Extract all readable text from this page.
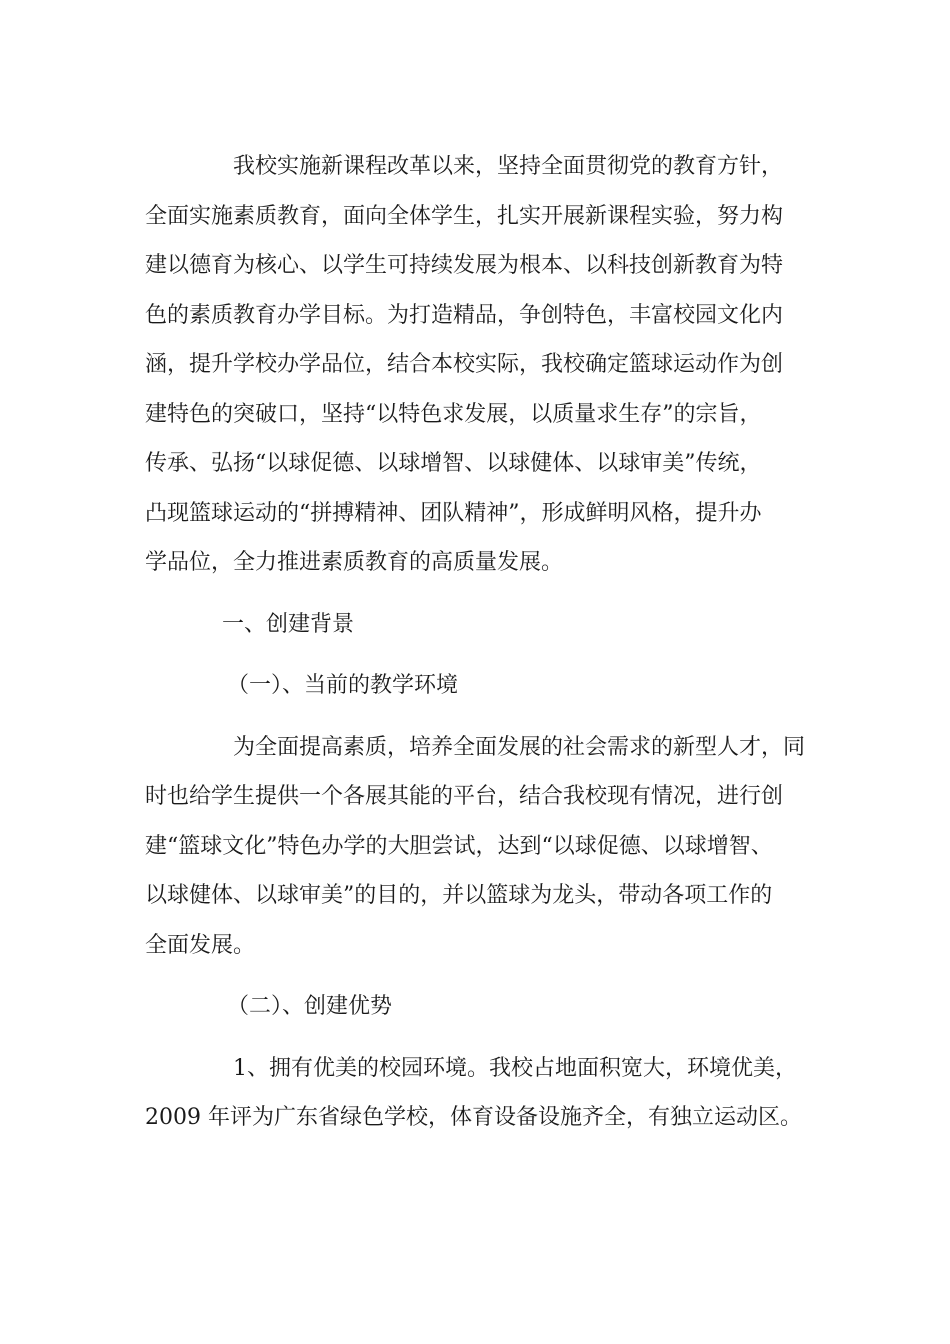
我校实施新课程改革以来，坚持全面贯彻党的教育方针，
全面实施素质教育，面向全体学生，扎实开展新课程实验，努力构
建以德育为核心、以学生可持续发展为根本、以科技创新教育为特
色的素质教育办学目标。为打造精品，争创特色，丰富校园文化内
涵，提升学校办学品位，结合本校实际，我校确定篮球运动作为创
建特色的突破口，坚持“以特色求发展，以质量求生存”的宗旨，
传承、弘扬“以球促德、以球增智、以球健体、以球审美”传统，
凸现篮球运动的“拼搏精神、团队精神”，形成鲜明风格，提升办
学品位，全力推进素质教育的高质量发展。
一、创建背景
（一）、当前的教学环境
为全面提高素质，培养全面发展的社会需求的新型人才，同
时也给学生提供一个各展其能的平台，结合我校现有情况，进行创
建“篮球文化”特色办学的大胆尝试，达到“以球促德、以球增智、
以球健体、以球审美”的目的，并以篮球为龙头，带动各项工作的
全面发展。
（二）、创建优势
1、拥有优美的校园环境。我校占地面积宽大，环境优美，
2009 年评为广东省绿色学校，体育设备设施齐全，有独立运动区。
